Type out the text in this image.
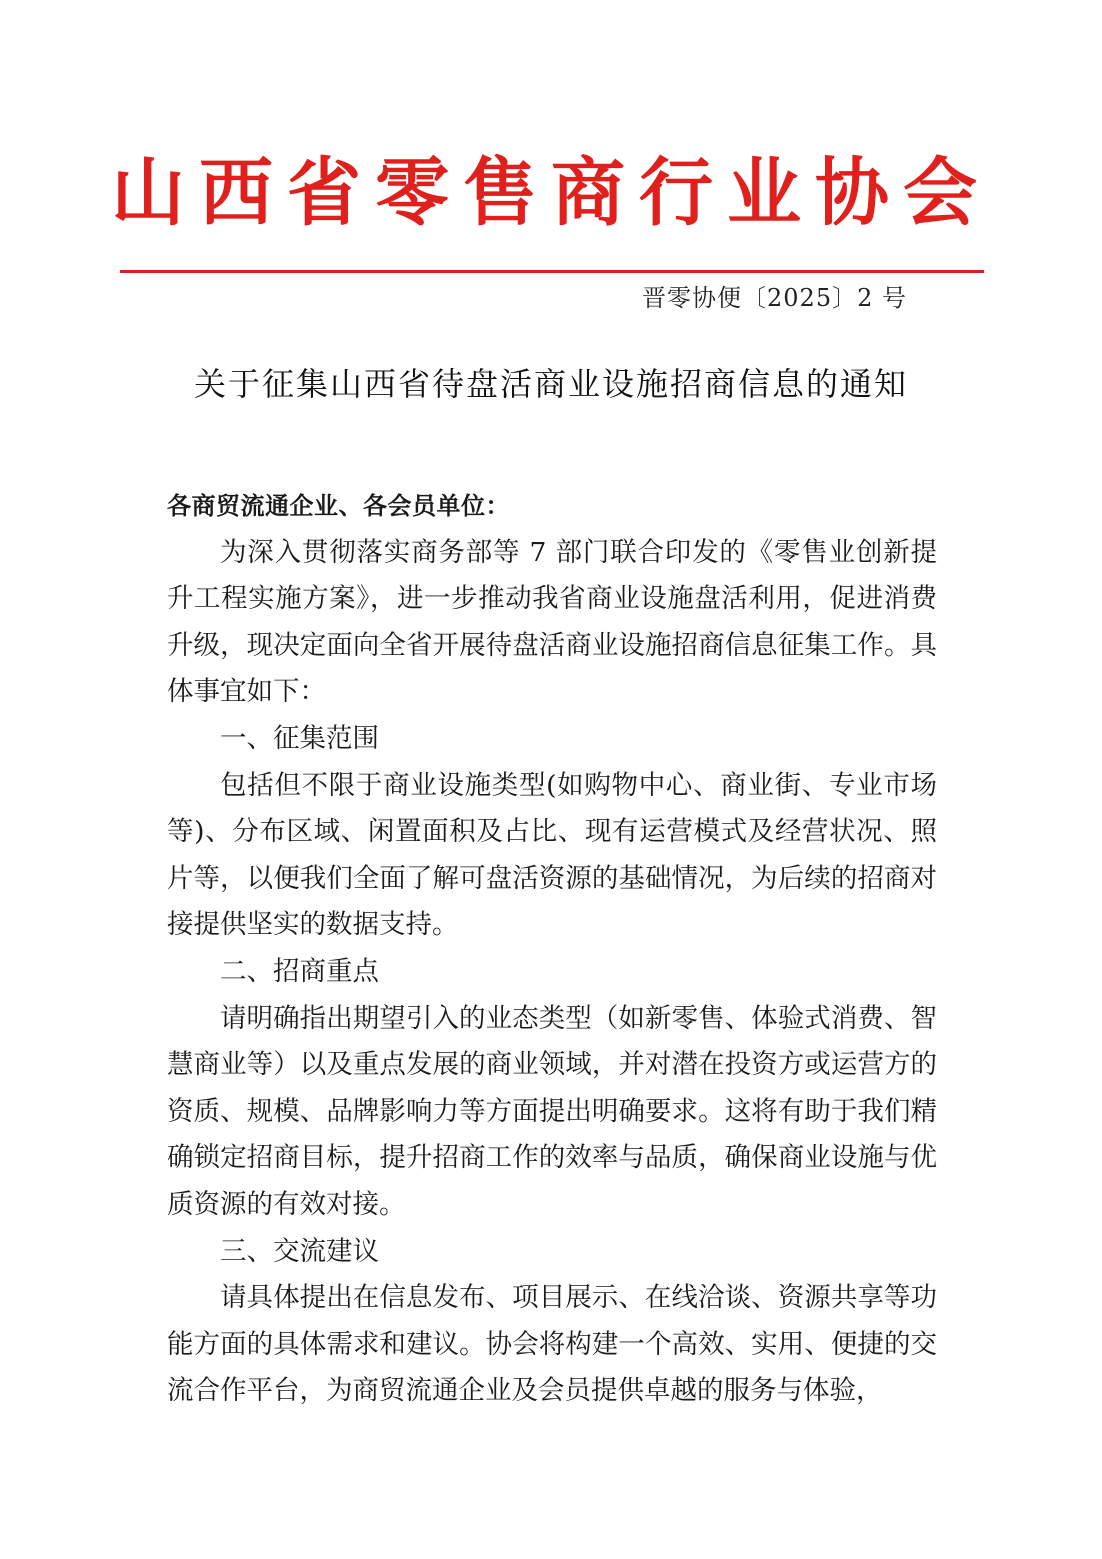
山西省零售商行业协会
晋零协便〔2025〕2 号
关于征集山西省待盘活商业设施招商信息的通知

各商贸流通企业、各会员单位：

为深入贯彻落实商务部等 7 部门联合印发的《零售业创新提升工程实施方案》，进一步推动我省商业设施盘活利用，促进消费升级，现决定面向全省开展待盘活商业设施招商信息征集工作。具体事宜如下：

一、征集范围

包括但不限于商业设施类型(如购物中心、商业街、专业市场等)、分布区域、闲置面积及占比、现有运营模式及经营状况、照片等，以便我们全面了解可盘活资源的基础情况，为后续的招商对接提供坚实的数据支持。

二、招商重点

请明确指出期望引入的业态类型（如新零售、体验式消费、智慧商业等）以及重点发展的商业领域，并对潜在投资方或运营方的资质、规模、品牌影响力等方面提出明确要求。这将有助于我们精确锁定招商目标，提升招商工作的效率与品质，确保商业设施与优质资源的有效对接。

三、交流建议

请具体提出在信息发布、项目展示、在线洽谈、资源共享等功能方面的具体需求和建议。协会将构建一个高效、实用、便捷的交流合作平台，为商贸流通企业及会员提供卓越的服务与体验，
